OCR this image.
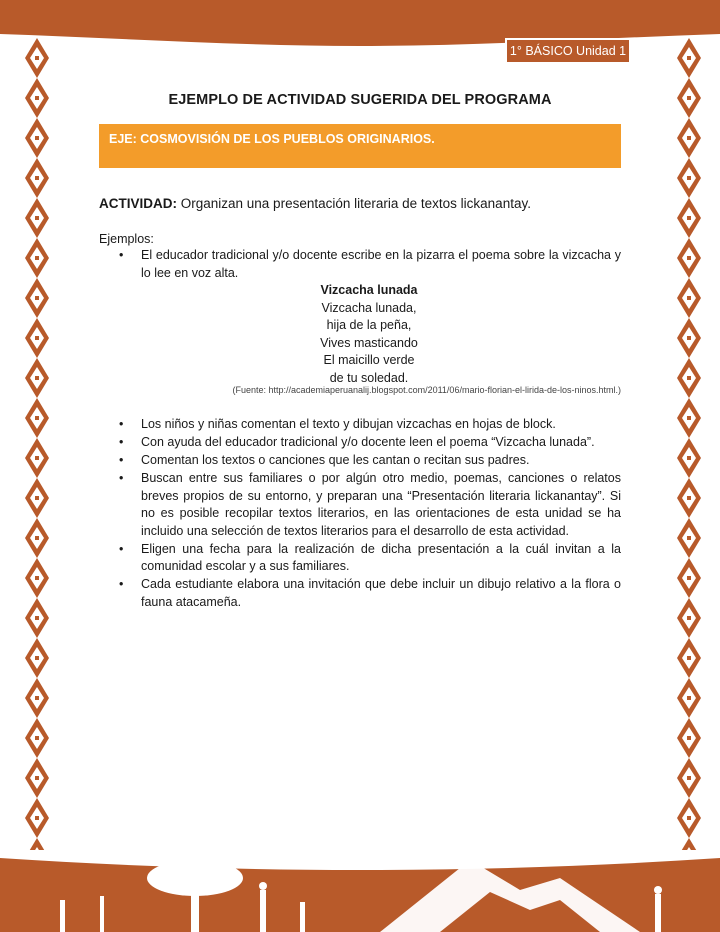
1° BÁSICO Unidad 1
EJEMPLO DE ACTIVIDAD SUGERIDA DEL PROGRAMA
EJE: COSMOVISIÓN DE LOS PUEBLOS ORIGINARIOS.
ACTIVIDAD: Organizan una presentación literaria de textos lickanantay.
Ejemplos:
• El educador tradicional y/o docente escribe en la pizarra el poema sobre la vizcacha y lo lee en voz alta.
Vizcacha lunada
Vizcacha lunada,
hija de la peña,
Vives masticando
El maicillo verde
de tu soledad.
(Fuente: http://academiaperuanalij.blogspot.com/2011/06/mario-florian-el-lirida-de-los-ninos.html.)
• Los niños y niñas comentan el texto y dibujan vizcachas en hojas de block.
• Con ayuda del educador tradicional y/o docente leen el poema “Vizcacha lunada”.
• Comentan los textos o canciones que les cantan o recitan sus padres.
• Buscan entre sus familiares o por algún otro medio, poemas, canciones o relatos breves propios de su entorno, y preparan una “Presentación literaria lickanantay”. Si no es posible recopilar textos literarios, en las orientaciones de esta unidad se ha incluido una selección de textos literarios para el desarrollo de esta actividad.
• Eligen una fecha para la realización de dicha presentación a la cuál invitan a la comunidad escolar y a sus familiares.
• Cada estudiante elabora una invitación que debe incluir un dibujo relativo a la flora o fauna atacameña.
